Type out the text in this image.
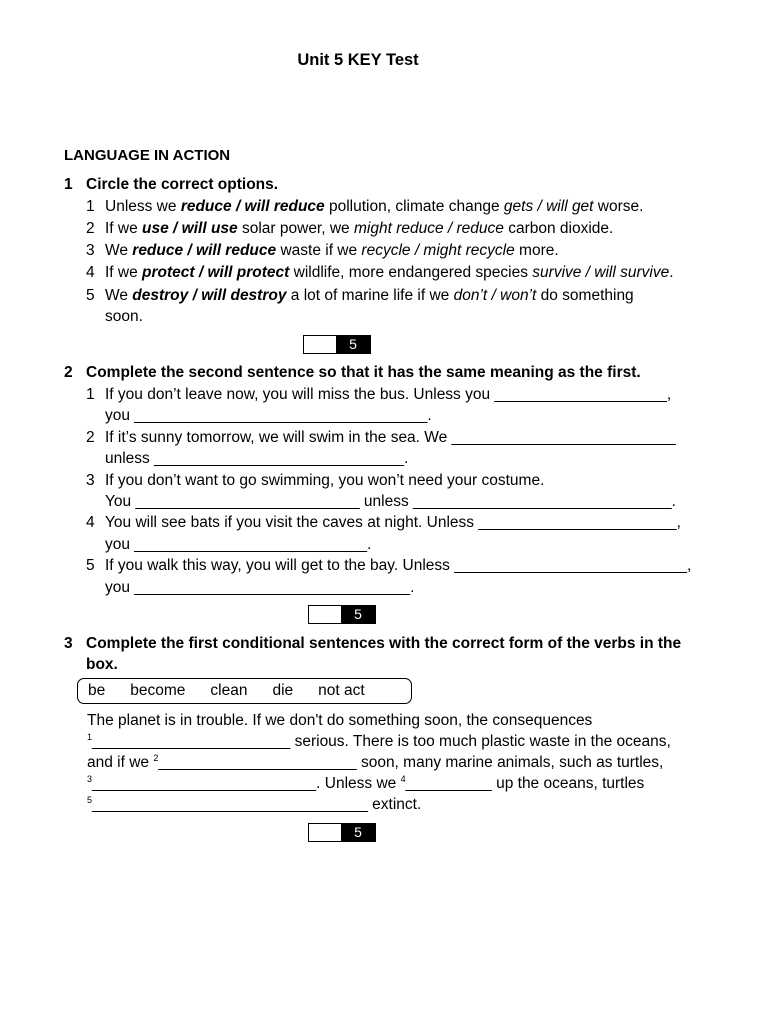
Unit 5 KEY Test
LANGUAGE IN ACTION
1 Circle the correct options.
1 Unless we reduce / will reduce pollution, climate change gets / will get worse.
2 If we use / will use solar power, we might reduce / reduce carbon dioxide.
3 We reduce / will reduce waste if we recycle / might recycle more.
4 If we protect / will protect wildlife, more endangered species survive / will survive.
5 We destroy / will destroy a lot of marine life if we don’t / won’t do something
soon.
5
2 Complete the second sentence so that it has the same meaning as the first.
1 If you don’t leave now, you will miss the bus. Unless you ____________________,
you __________________________________.
2 If it’s sunny tomorrow, we will swim in the sea. We __________________________
unless _____________________________.
3 If you don’t want to go swimming, you won’t need your costume.
You __________________________ unless ______________________________.
4 You will see bats if you visit the caves at night. Unless _______________________,
you ___________________________.
5 If you walk this way, you will get to the bay. Unless ___________________________,
you ________________________________.
5
3 Complete the first conditional sentences with the correct form of the verbs in the
box.
be become clean die not act
The planet is in trouble. If we don't do something soon, the consequences
$^1$_______________________ serious. There is too much plastic waste in the oceans,
and if we $^2$_______________________ soon, many marine animals, such as turtles,
$^3$__________________________. Unless we $^4$__________ up the oceans, turtles
$^5$________________________________ extinct.
5
